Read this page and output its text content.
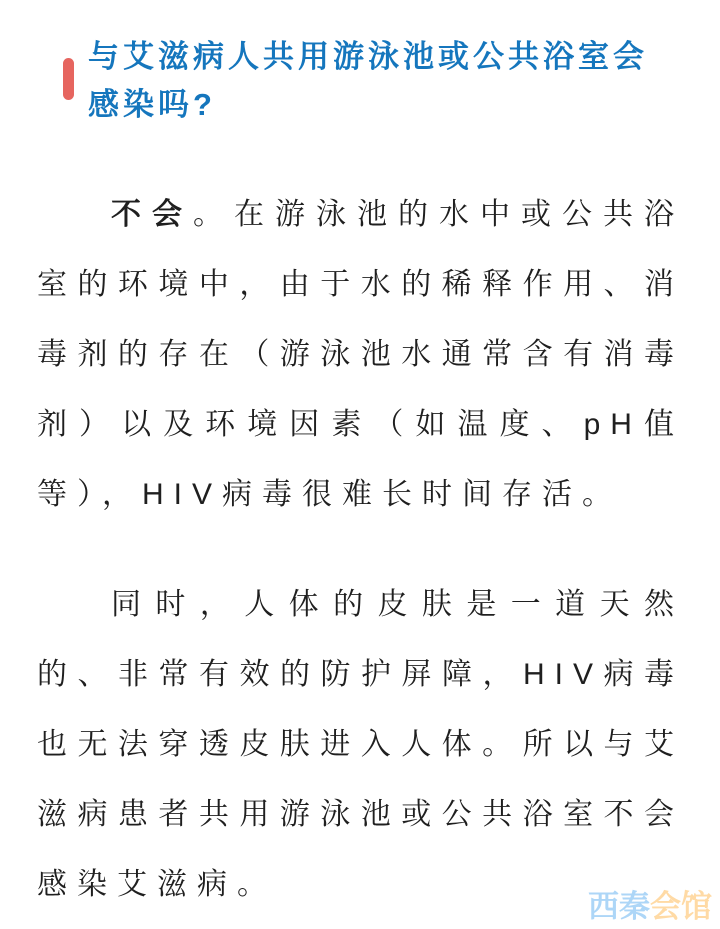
与艾滋病人共用游泳池或公共浴室会感染吗?

不会。在游泳池的水中或公共浴室的环境中，由于水的稀释作用、消毒剂的存在（游泳池水通常含有消毒剂）以及环境因素（如温度、pH值等），HIV病毒很难长时间存活。

同时，人体的皮肤是一道天然的、非常有效的防护屏障，HIV病毒也无法穿透皮肤进入人体。所以与艾滋病患者共用游泳池或公共浴室不会感染艾滋病。

西秦会馆
